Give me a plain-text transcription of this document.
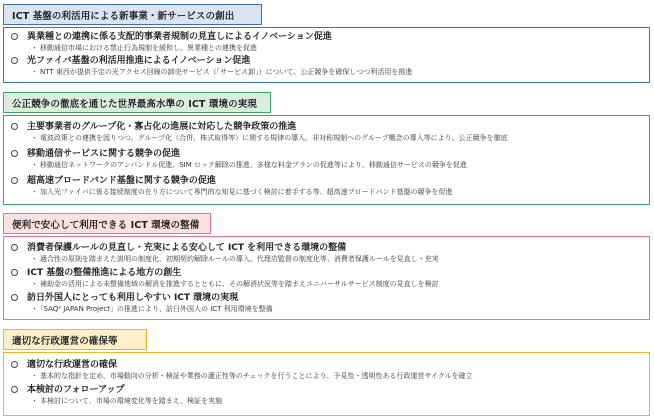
ICT 基盤の利活用による新事業・新サービスの創出
異業種との連携に係る支配的事業者規制の見直しによるイノベーション促進
・ 移動通信市場における禁止行為規制を緩和し、異業種との連携を促進
光ファイバ基盤の利活用推進によるイノベーション促進
・ NTT 東西が提供予定の光アクセス回線の卸売サービス（「サービス卸」）について、公正競争を確保しつつ利活用を推進
公正競争の徹底を通じた世界最高水準の ICT 環境の実現
主要事業者のグループ化・寡占化の進展に対応した競争政策の推進
・ 電波政策との連携を図りつつ、グループ化（合併、株式取得等）に関する規律の導入、非対称規制へのグループ概念の導入等により、公正競争を徹底
移動通信サービスに関する競争の促進
・ 移動通信ネットワークのアンバンドル促進、SIM ロック解除の推進、多様な料金プランの促進等により、移動通信サービスの競争を促進
超高速ブロードバンド基盤に関する競争の促進
・ 加入光ファイバに係る接続制度の在り方について専門的な知見に基づく検討に着手する等、超高速ブロードバンド基盤の競争を促進
便利で安心して利用できる ICT 環境の整備
消費者保護ルールの見直し・充実による安心して ICT を利用できる環境の整備
・ 適合性の原則を踏まえた説明の制度化、初期契約解除ルールの導入、代理店監督の制度化等、消費者保護ルールを見直し・充実
ICT 基盤の整備推進による地方の創生
・ 補助金の活用による未整備地域の解消を推進するとともに、その解消状況等を踏まえユニバーサルサービス制度の見直しを検討
訪日外国人にとっても利用しやすい ICT 環境の実現
・ 「SAQ² JAPAN Project」の推進により、訪日外国人の ICT 利用環境を整備
適切な行政運営の確保等
適切な行政運営の確保
・ 基本的な指針を定め、市場動向の分析・検証や業務の適正性等のチェックを行うことにより、予見性・透明性ある行政運営サイクルを確立
本検討のフォローアップ
・ 本検討について、市場の環境変化等を踏まえ、検証を実施
